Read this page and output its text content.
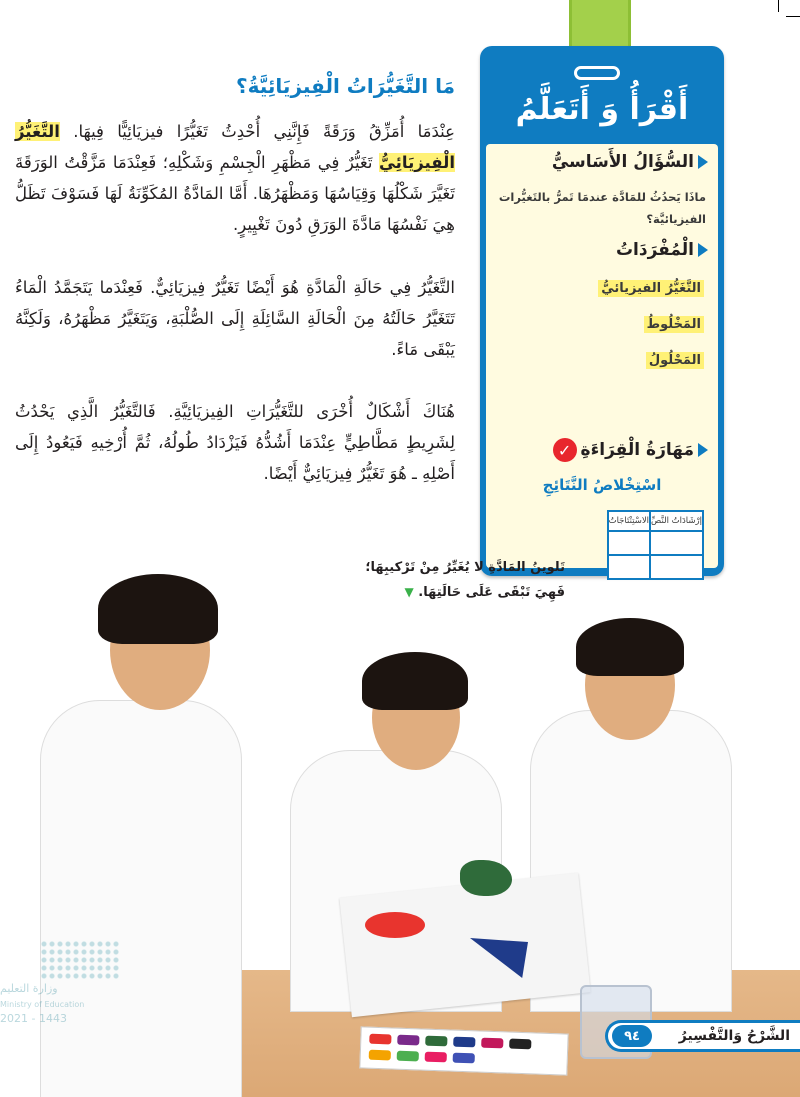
أَقْرَأُ وَ أَتَعَلَّمُ
السُّؤَالُ الأَسَاسيُّ
ماذَا يَحدُثُ للمَادَّة عندمَا تَمرُّ بالتَغيُّرات الفيزيائيَّة؟
الْمُفْرَدَاتُ
التَّغَيُّرُ الفيزيائيُّ
المَخْلُوطُ
المَحْلُولُ
مَهَارَةُ الْقِرَاءَةِ
✓
اسْتِخْلاصُ النَّتَائِجِ
إرْشَادَاتُ النَّصِّ	الاسْتِنْتَاجَاتُ

مَا التَّغَيُّرَاتُ الْفِيزيَائِيَّةُ؟
عِنْدَمَا أُمَزِّقُ وَرَقَةً فَإِنَّنِي أُحْدِثُ تَغَيُّرًا فيزيَائِيًّا فِيهَا. التَّغَيُّرُ الْفِيزيَائِيُّ تَغَيُّرٌ فِي مَظْهَرِ الْجِسْمِ وَشَكْلِهِ؛ فَعِنْدَمَا مَزَّقْتُ الوَرَقَةَ تَغَيَّرَ شَكْلُهَا وَقِيَاسُهَا وَمَظْهَرُهَا. أَمَّا المَادَّةُ المُكَوِّنَةُ لَهَا فَسَوْفَ تَظَلُّ هِيَ نَفْسُهَا مَادَّةَ الوَرَقِ دُونَ تَغْيِيرٍ.
التَّغَيُّرُ فِي حَالَةِ الْمَادَّةِ هُوَ أَيْضًا تَغَيُّرٌ فِيزيَائِيٌّ. فَعِنْدَما يَتَجَمَّدُ الْمَاءُ تَتَغَيَّرُ حَالَتُهُ مِنَ الْحَالَةِ السَّائِلَةِ إِلَى الصُّلْبَةِ، وَيَتَغَيَّرُ مَظْهَرُهُ، وَلَكِنَّهُ يَبْقَى مَاءً.
هُنَاكَ أَشْكَالٌ أُخْرَى للتَّغَيُّرَاتِ الفِيزيَائِيَّةِ. فَالتَّغَيُّرُ الَّذِي يَحْدُثُ لِشَرِيطٍ مَطَّاطِيٍّ عِنْدَمَا أَشُدُّهُ فَيَزْدَادُ طُولُهُ، ثُمَّ أُرْخِيهِ فَيَعُودُ إِلَى أَصْلِهِ ـ هُوَ تَغَيُّرٌ فِيزيَائِيٌّ أَيْضًا.
تَلوينُ المَادَّةِ لا يُغَيِّرُ مِنْ تَرْكيبِهَا؛
فَهِيَ تَبْقَى عَلَى حَالَتِهَا. ▼
وزارة التعليم
Ministry of Education
2021 - 1443
الشَّرْحُ وَالتَّفْسِيرُ
٩٤
